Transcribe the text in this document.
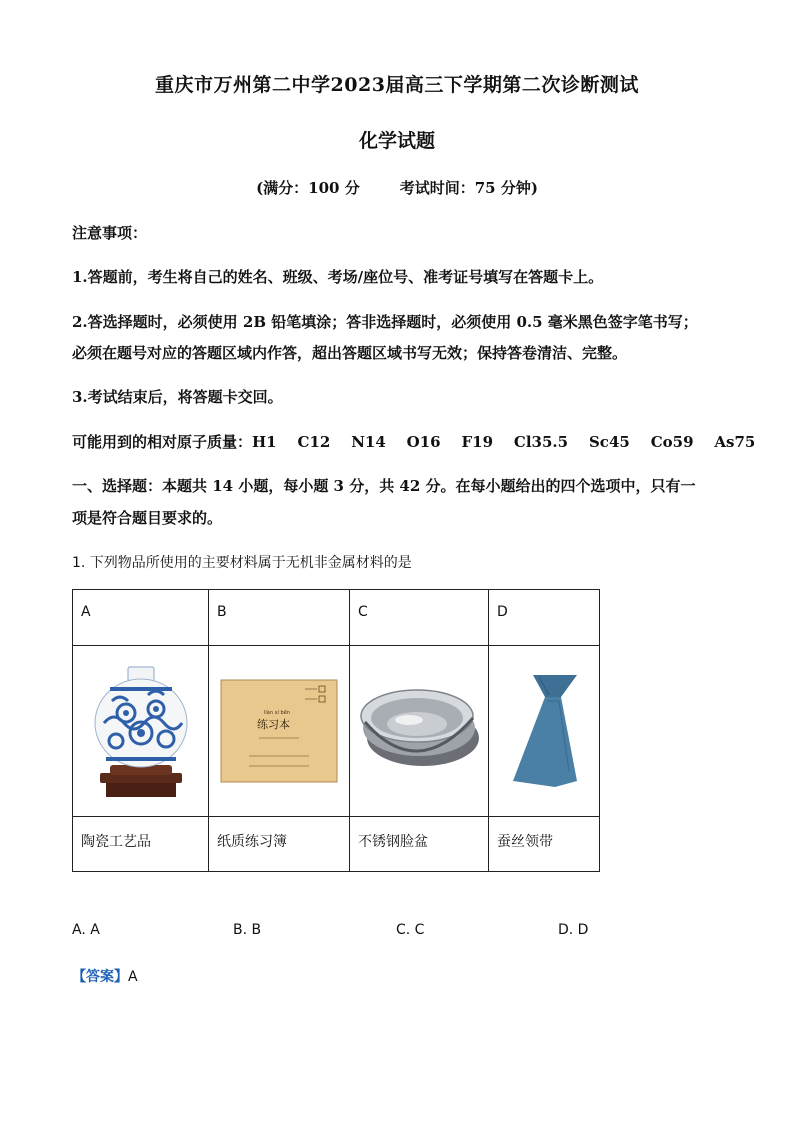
重庆市万州第二中学2023届高三下学期第二次诊断测试
化学试题
(满分：100 分	考试时间：75 分钟)
注意事项：
1.答题前，考生将自己的姓名、班级、考场/座位号、准考证号填写在答题卡上。
2.答选择题时，必须使用 2B 铅笔填涂；答非选择题时，必须使用 0.5 毫米黑色签字笔书写；
必须在题号对应的答题区域内作答，超出答题区域书写无效；保持答卷清洁、完整。
3.考试结束后，将答题卡交回。
可能用到的相对原子质量：H1    C12    N14    O16    F19    Cl35.5    Sc45    Co59    As75
一、选择题：本题共 14 小题，每小题 3 分，共 42 分。在每小题给出的四个选项中，只有一
项是符合题目要求的。
1. 下列物品所使用的主要材料属于无机非金属材料的是
A	B	C	D

liàn xí běn
练习本

陶瓷工艺品	纸质练习簿	不锈钢脸盆	蚕丝领带
A. A	B. B	C. C	D. D
【答案】A
